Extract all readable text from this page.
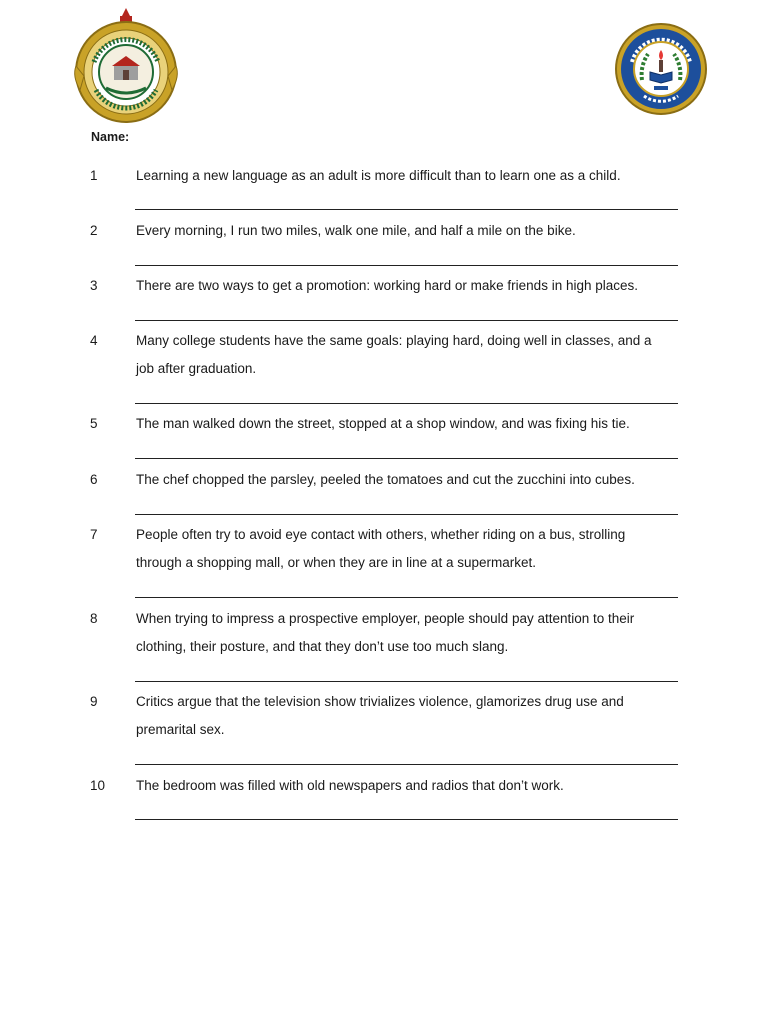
Name:
1	Learning a new language as an adult is more difficult than to learn one as a child.
2	Every morning, I run two miles, walk one mile, and half a mile on the bike.
3	There are two ways to get a promotion: working hard or make friends in high places.
4	Many college students have the same goals: playing hard, doing well in classes, and a job after graduation.
5	The man walked down the street, stopped at a shop window, and was fixing his tie.
6	The chef chopped the parsley, peeled the tomatoes and cut the zucchini into cubes.
7	People often try to avoid eye contact with others, whether riding on a bus, strolling through a shopping mall, or when they are in line at a supermarket.
8	When trying to impress a prospective employer, people should pay attention to their clothing, their posture, and that they don’t use too much slang.
9	Critics argue that the television show trivializes violence, glamorizes drug use and premarital sex.
10 The bedroom was filled with old newspapers and radios that don’t work.
